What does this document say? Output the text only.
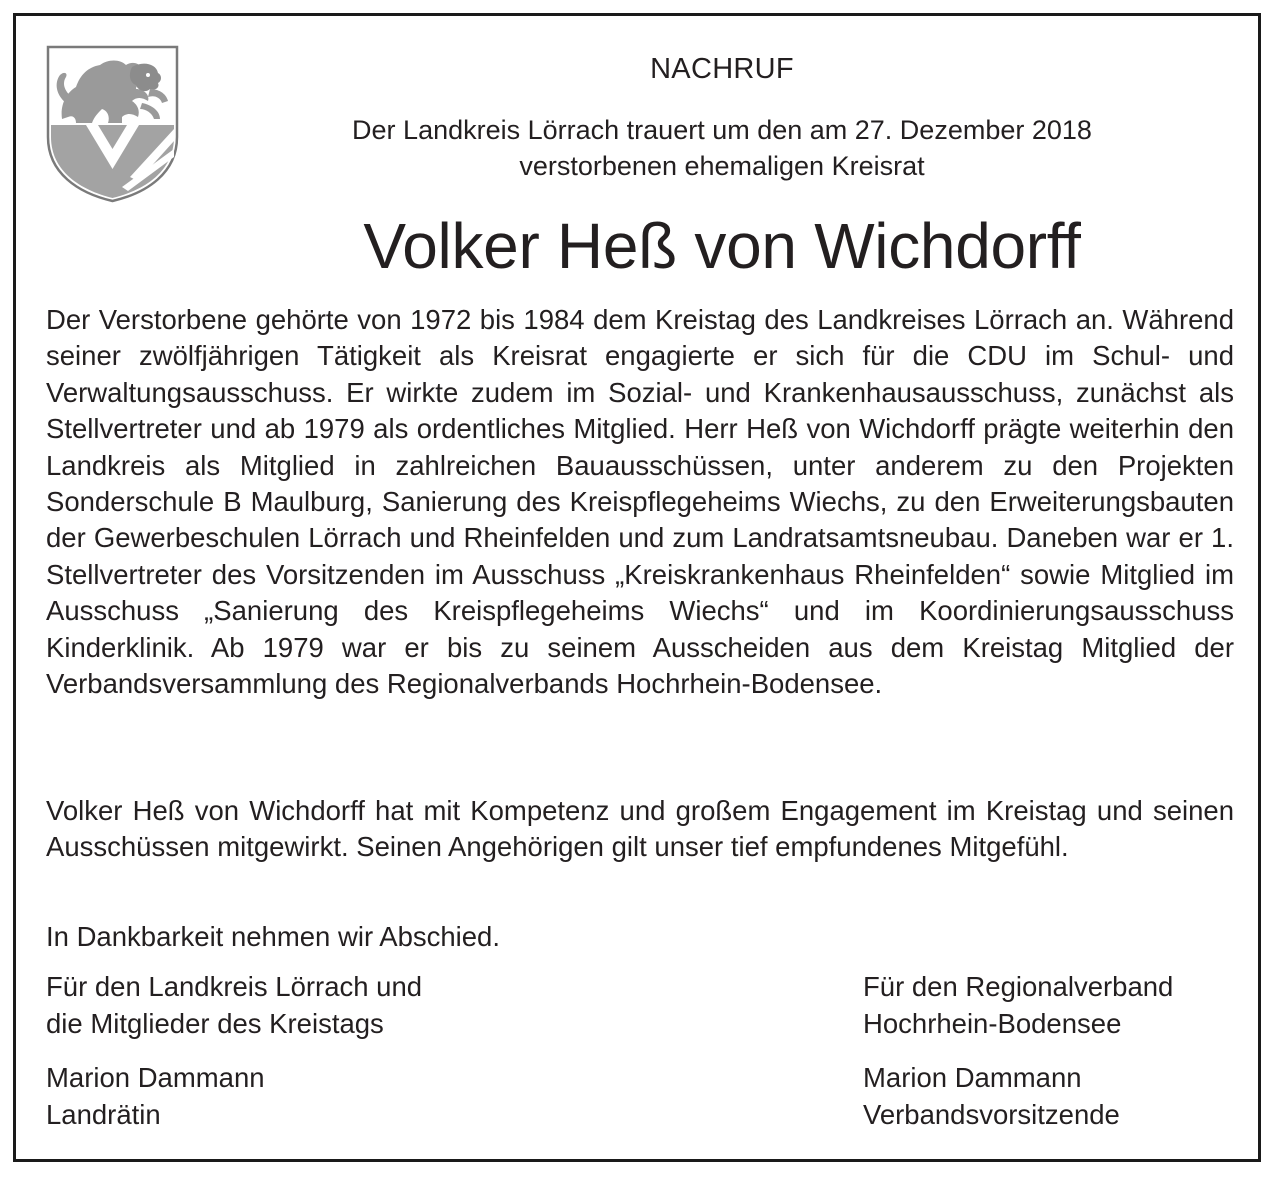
NACHRUF
Der Landkreis Lörrach trauert um den am 27. Dezember 2018
verstorbenen ehemaligen Kreisrat
Volker Heß von Wichdorff

Der Verstorbene gehörte von 1972 bis 1984 dem Kreistag des Landkreises Lörrach an. Während seiner zwölfjährigen Tätigkeit als Kreisrat engagierte er sich für die CDU im Schul- und Verwaltungsausschuss. Er wirkte zudem im Sozial- und Krankenhausausschuss, zunächst als Stellvertreter und ab 1979 als ordentliches Mitglied. Herr Heß von Wichdorff prägte weiterhin den Landkreis als Mitglied in zahlreichen Bauausschüssen, unter anderem zu den Projekten Sonderschule B Maulburg, Sanierung des Kreispflegeheims Wiechs, zu den Erweiterungsbauten der Gewerbeschulen Lörrach und Rheinfelden und zum Landratsamtsneubau. Daneben war er 1. Stellvertreter des Vorsitzenden im Ausschuss „Kreiskrankenhaus Rheinfelden“ sowie Mitglied im Ausschuss „Sanierung des Kreispflegeheims Wiechs“ und im Koordinierungsausschuss Kinderklinik. Ab 1979 war er bis zu seinem Ausscheiden aus dem Kreistag Mitglied der Verbandsversammlung des Regionalverbands Hochrhein-Bodensee.

Volker Heß von Wichdorff hat mit Kompetenz und großem Engagement im Kreistag und seinen Ausschüssen mitgewirkt. Seinen Angehörigen gilt unser tief empfundenes Mitgefühl.

In Dankbarkeit nehmen wir Abschied.

Für den Landkreis Lörrach und
die Mitglieder des Kreistags
Für den Regionalverband
Hochrhein-Bodensee
Marion Dammann
Landrätin
Marion Dammann
Verbandsvorsitzende
